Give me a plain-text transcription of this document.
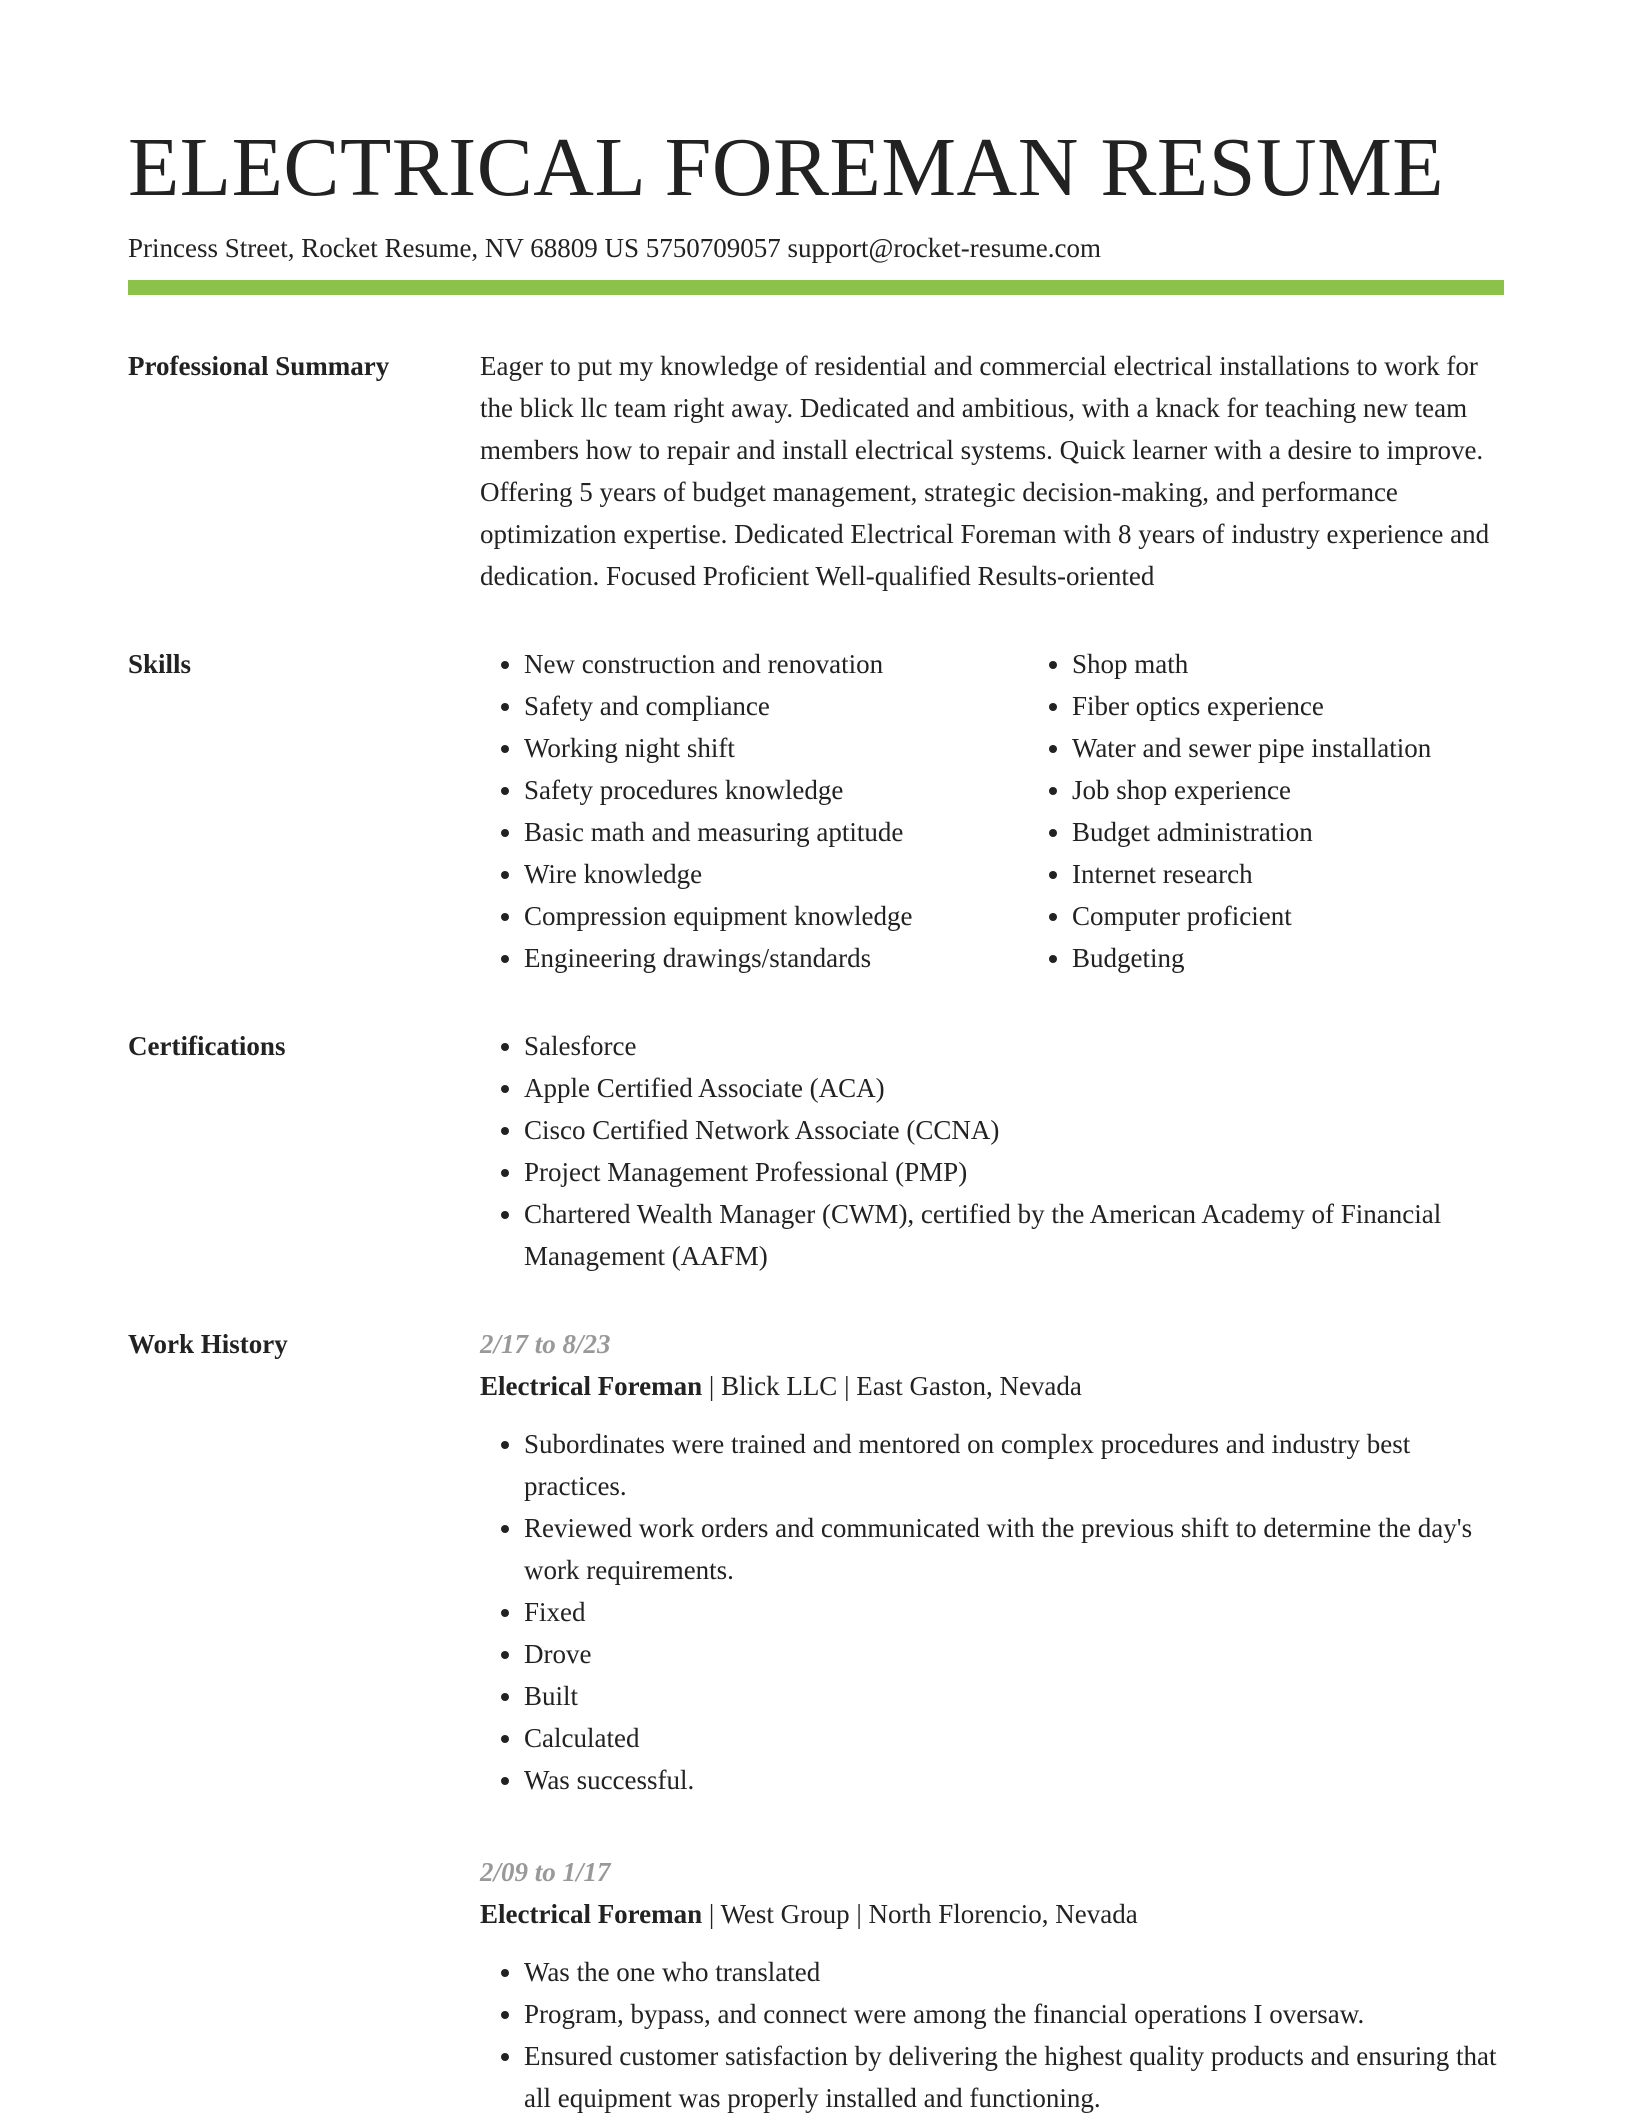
ELECTRICAL FOREMAN RESUME
Princess Street, Rocket Resume, NV 68809 US 5750709057 support@rocket-resume.com
Professional Summary	Eager to put my knowledge of residential and commercial electrical installations to work for the blick llc team right away. Dedicated and ambitious, with a knack for teaching new team members how to repair and install electrical systems. Quick learner with a desire to improve. Offering 5 years of budget management, strategic decision-making, and performance optimization expertise. Dedicated Electrical Foreman with 8 years of industry experience and dedication. Focused Proficient Well-qualified Results-oriented

Skills	• New construction and renovation
• Safety and compliance
• Working night shift
• Safety procedures knowledge
• Basic math and measuring aptitude
• Wire knowledge
• Compression equipment knowledge
• Engineering drawings/standards
• Shop math
• Fiber optics experience
• Water and sewer pipe installation
• Job shop experience
• Budget administration
• Internet research
• Computer proficient
• Budgeting
Certifications	• Salesforce
• Apple Certified Associate (ACA)
• Cisco Certified Network Associate (CCNA)
• Project Management Professional (PMP)
• Chartered Wealth Manager (CWM), certified by the American Academy of Financial Management (AAFM)
Work History	2/17 to 8/23
Electrical Foreman | Blick LLC | East Gaston, Nevada
• Subordinates were trained and mentored on complex procedures and industry best practices.
• Reviewed work orders and communicated with the previous shift to determine the day's work requirements.
• Fixed
• Drove
• Built
• Calculated
• Was successful.
2/09 to 1/17
Electrical Foreman | West Group | North Florencio, Nevada
• Was the one who translated
• Program, bypass, and connect were among the financial operations I oversaw.
• Ensured customer satisfaction by delivering the highest quality products and ensuring that all equipment was properly installed and functioning.
